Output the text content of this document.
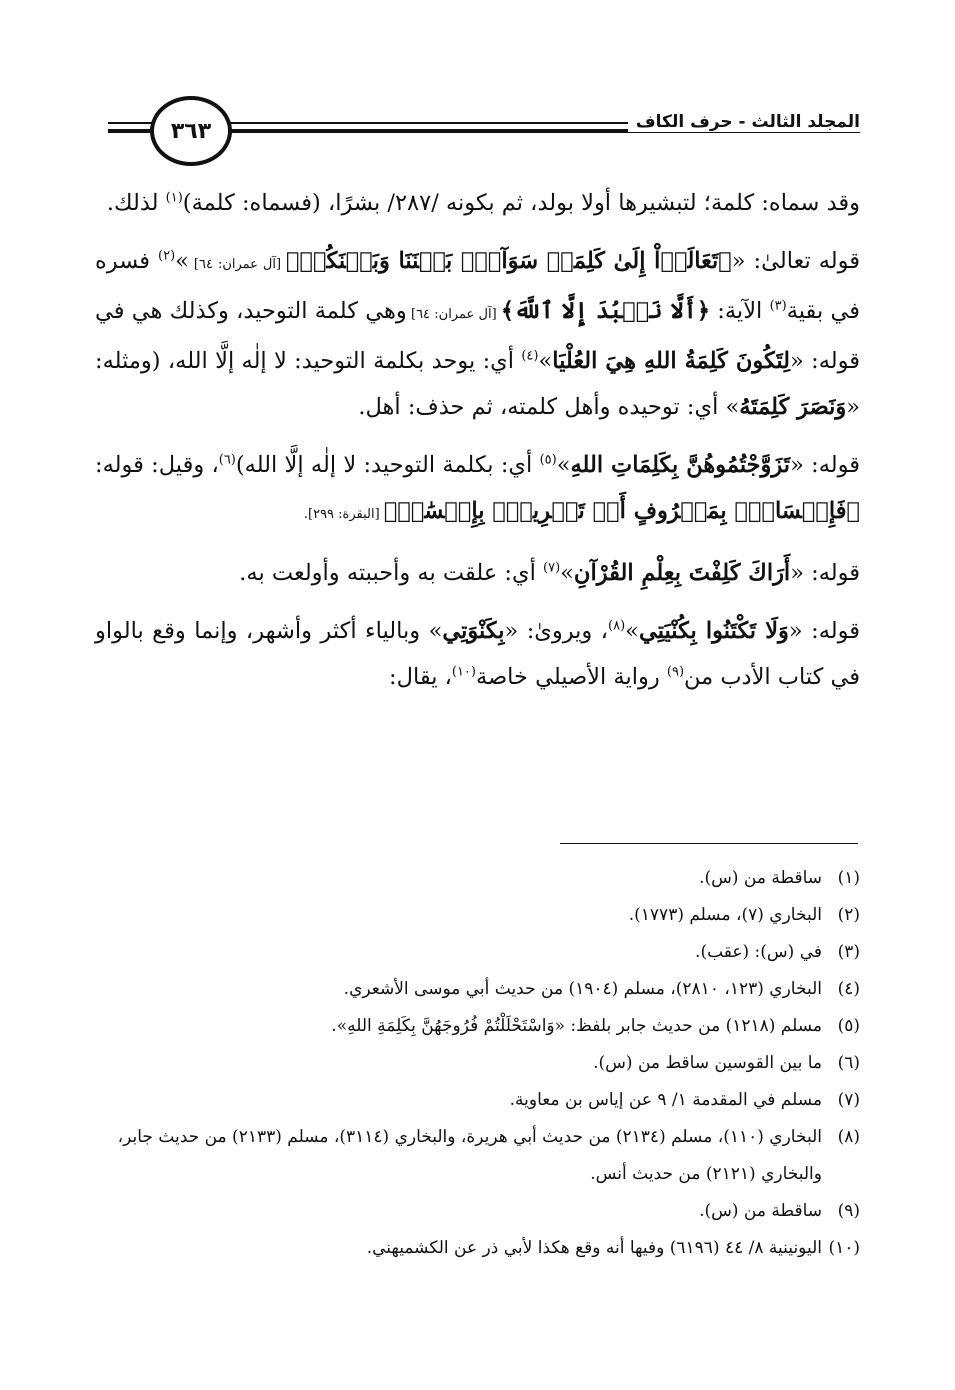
المجلد الثالث - حرف الكاف
٣٦٣

وقد سماه: كلمة؛ لتبشيرها أولا بولد، ثم بكونه /٢٨٧/ بشرًا، (فسماه: كلمة)$^{(١)}$ لذلك.

قوله تعالىٰ: «﴿تَعَالَوۡاْ إِلَىٰ كَلِمَةٖ سَوَآءِۭ بَيۡنَنَا وَبَيۡنَكُمۡ﴾ [آل عمران: ٦٤] »$^{(٢)}$ فسره في بقية$^{(٣)}$ الآية: ﴿أَلَّا نَعۡبُدَ إِلَّا ٱللَّهَ﴾ [آل عمران: ٦٤] وهي كلمة التوحيد، وكذلك هي في قوله: «لِتَكُونَ كَلِمَةُ اللهِ هِيَ العُلْيَا»$^{(٤)}$ أي: يوحد بكلمة التوحيد: لا إلٰه إلَّا الله، (ومثله: «وَنَصَرَ كَلِمَتَهُ» أي: توحيده وأهل كلمته، ثم حذف: أهل.

قوله: «تَزَوَّجْتُمُوهُنَّ بِكَلِمَاتِ اللهِ»$^{(٥)}$ أي: بكلمة التوحيد: لا إلٰه إلَّا الله)$^{(٦)}$، وقيل: قوله: ﴿فَإِمۡسَاكُۢ بِمَعۡرُوفٍ أَوۡ تَسۡرِيحُۢ بِإِحۡسَٰنٖ﴾ [البقرة: ٢٩٩].

قوله: «أَرَاكَ كَلِفْتَ بِعِلْمِ القُرْآنِ»$^{(٧)}$ أي: علقت به وأحببته وأولعت به.

قوله: «وَلَا تَكْتَنُوا بِكُنْيَتِي»$^{(٨)}$، ويروىٰ: «بِكَنْوَتِي» وبالياء أكثر وأشهر، وإنما وقع بالواو في كتاب الأدب من$^{(٩)}$ رواية الأصيلي خاصة$^{(١٠)}$، يقال:

(١)
ساقطة من (س).
(٢)
البخاري (٧)، مسلم (١٧٧٣).
(٣)
في (س): (عقب).
(٤)
البخاري (١٢٣، ٢٨١٠)، مسلم (١٩٠٤) من حديث أبي موسى الأشعري.
(٥)
مسلم (١٢١٨) من حديث جابر بلفظ: «وَاسْتَحْلَلْتُمْ فُرُوجَهُنَّ بِكَلِمَةِ اللهِ».
(٦)
ما بين القوسين ساقط من (س).
(٧)
مسلم في المقدمة ١/ ٩ عن إياس بن معاوية.
(٨)
البخاري (١١٠)، مسلم (٢١٣٤) من حديث أبي هريرة، والبخاري (٣١١٤)، مسلم (٢١٣٣) من حديث جابر، والبخاري (٢١٢١) من حديث أنس.
(٩)
ساقطة من (س).
(١٠)
اليونينية ٨/ ٤٤ (٦١٩٦) وفيها أنه وقع هكذا لأبي ذر عن الكشميهني.
